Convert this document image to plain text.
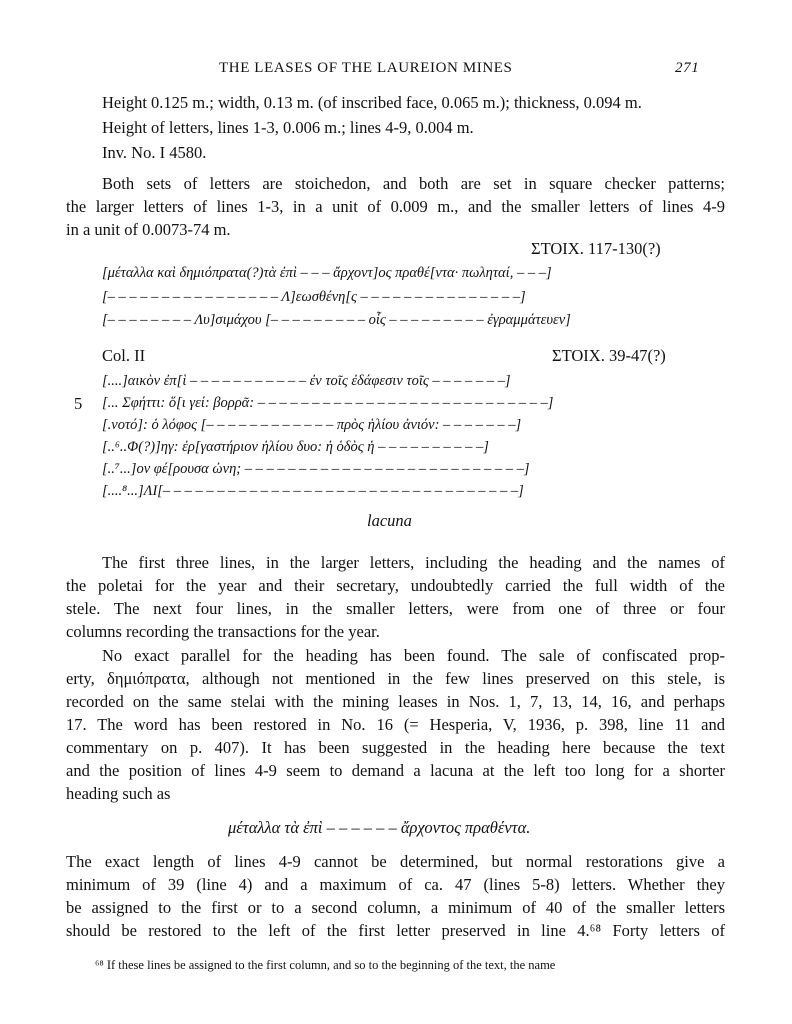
THE LEASES OF THE LAUREION MINES	271
Height 0.125 m.; width, 0.13 m. (of inscribed face, 0.065 m.); thickness, 0.094 m.
Height of letters, lines 1-3, 0.006 m.; lines 4-9, 0.004 m.
Inv. No. I 4580.
Both sets of letters are stoichedon, and both are set in square checker patterns;
the larger letters of lines 1-3, in a unit of 0.009 m., and the smaller letters of lines 4-9
in a unit of 0.0073-74 m.
ΣΤΟΙΧ. 117-130(?)
[μέταλλα καὶ δημιόπρατα(?)τὰ ἐπὶ – – – ἄρχοντ]ος πραθέ[ντα· πωληταί, – – –]
[– – – – – – – – – – – – – – – – Λ]εωσθένη[ς – – – – – – – – – – – – – – –]
[– – – – – – – – Λυ]σιμάχου [– – – – – – – – – οἷς – – – – – – – – – ἐγραμμάτευεν]
Col. II	ΣΤΟΙΧ. 39-47(?)
[....]αικὸν ἐπ[ὶ – – – – – – – – – – – ἐν τοῖς ἐδάφεσιν τοῖς – – – – – – –]
5 [... Σφήττι: ὅ[ι γεί: βορρᾶ: – – – – – – – – – – – – – – – – – – – – – – – – – – –]
[.νοτό]: ὁ λόφος [– – – – – – – – – – – – πρὸς ἡλίου ἀνιόν: – – – – – – –]
[..⁶..Φ(?)]ηγ: ἐρ[γαστήριον ἡλίου δυο: ἡ ὁδὸς ἡ – – – – – – – – – –]
[..⁷...]ον φέ[ρουσα ὠνη; – – – – – – – – – – – – – – – – – – – – – – – – – –]
[....⁸...]ΛΙ[– – – – – – – – – – – – – – – – – – – – – – – – – – – – – – – – –]
lacuna
The first three lines, in the larger letters, including the heading and the names of
the poletai for the year and their secretary, undoubtedly carried the full width of the
stele. The next four lines, in the smaller letters, were from one of three or four
columns recording the transactions for the year.
No exact parallel for the heading has been found. The sale of confiscated prop-
erty, δημιόπρατα, although not mentioned in the few lines preserved on this stele, is
recorded on the same stelai with the mining leases in Nos. 1, 7, 13, 14, 16, and perhaps
17. The word has been restored in No. 16 (= Hesperia, V, 1936, p. 398, line 11 and
commentary on p. 407). It has been suggested in the heading here because the text
and the position of lines 4-9 seem to demand a lacuna at the left too long for a shorter
heading such as
μέταλλα τὰ ἐπὶ – – – – – – ἄρχοντος πραθέντα.
The exact length of lines 4-9 cannot be determined, but normal restorations give a
minimum of 39 (line 4) and a maximum of ca. 47 (lines 5-8) letters. Whether they
be assigned to the first or to a second column, a minimum of 40 of the smaller letters
should be restored to the left of the first letter preserved in line 4.⁶⁸ Forty letters of
⁶⁸ If these lines be assigned to the first column, and so to the beginning of the text, the name
